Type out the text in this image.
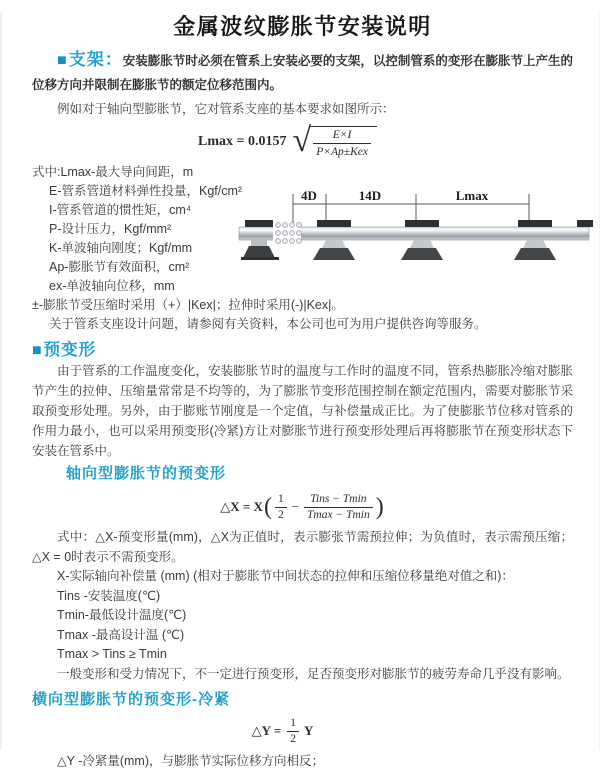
金属波纹膨胀节安装说明

■支架：安装膨胀节时必须在管系上安装必要的支架，以控制管系的变形在膨胀节上产生的位移方向并限制在膨胀节的额定位移范围内。

例如对于轴向型膨胀节，它对管系支座的基本要求如图所示：

Lmax = 0.0157 √	E×I
P×Ap±Kex

式中:Lmax-最大导向间距，m

E-管系管道材料弹性投量，Kgf/cm²

I-管系管道的惯性矩，cm⁴

P-设计压力，Kgf/mm²

K-单波轴向刚度；Kgf/mm

Ap-膨胀节有效面积，cm²

ex-单波轴向位移，mm

±-膨胀节受压缩时采用（+）|Kex|；拉伸时采用(-)|Kex|。

关于管系支座设计问题，请参阅有关资料，本公司也可为用户提供咨询等服务。

4D	14D	Lmax
■预变形

由于管系的工作温度变化，安装膨胀节时的温度与工作时的温度不同，管系热膨胀冷缩对膨胀节产生的拉伸、压缩量常常是不均等的，为了膨胀节变形范围控制在额定范围内，需要对膨胀节采取预变形处理。另外，由于膨账节刚度是一个定值，与补偿量成正比。为了使膨胀节位移对管系的作用力最小，也可以采用预变形(冷紧)方让对膨胀节进行预变形处理后再将膨胀节在预变形状态下安装在管系中。

轴向型膨胀节的预变形
△X = X ( $\frac{1}{2} - \frac{\text{Tins − Tmin}}{Tmax - Tmin}$ )

式中：△X-预变形量(mm)，△X为正值时，表示膨张节需预拉伸；为负值时，表示需预压缩；△X = 0时表示不需预变形。

X-实际轴向补偿量 (mm) (相对于膨胀节中间状态的拉伸和压缩位移量绝对值之和)：

Tins -安装温度(℃)

Tmin-最低设计温度(℃)

Tmax -最高设计温 (℃)

Tmax > Tins ≥ Tmin

一般变形和受力情况下，不一定进行预变形，足否预变形对膨胀节的疲劳寿命几乎没有影响。

横向型膨胀节的预变形-冷紧
△Y =
$\frac{1}{2}$ Y

△Y -冷紧量(mm)，与膨胀节实际位移方向相反；
